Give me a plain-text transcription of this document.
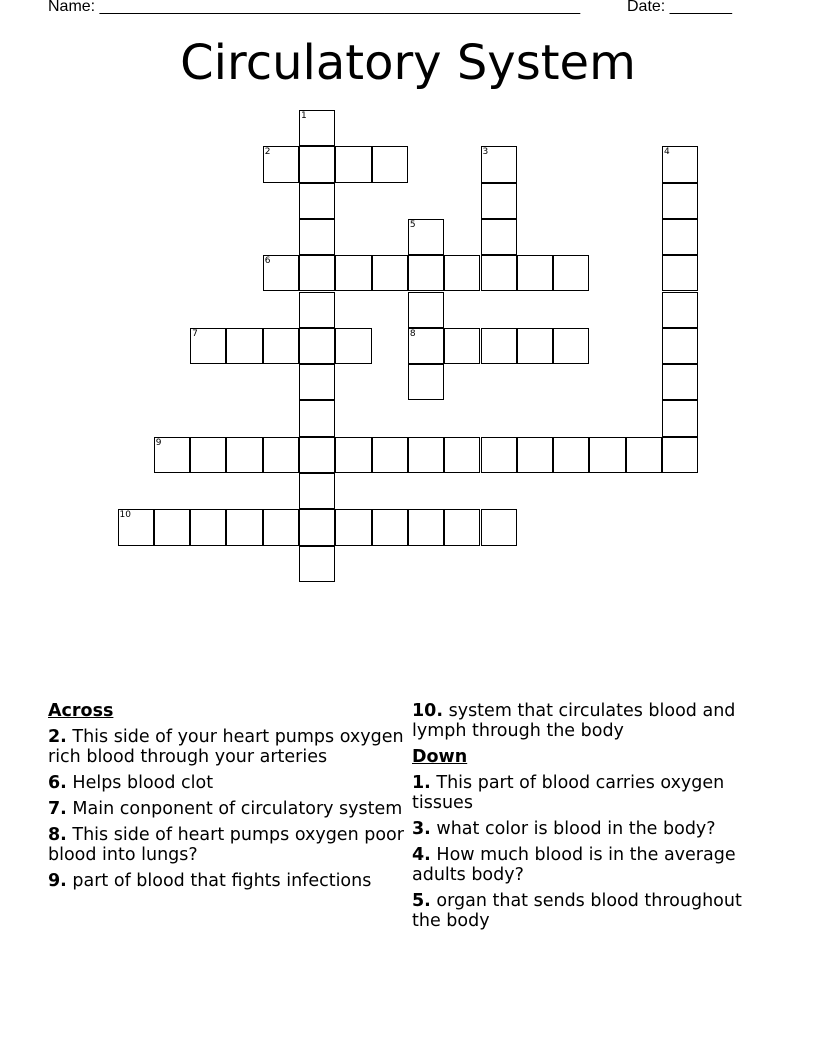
Name: ______________________________________________________	Date: _______
Circulatory System
1
2	3	4
5
8
6
7
9
10
Across
2. This side of your heart pumps oxygen rich blood through your arteries
6. Helps blood clot
7. Main conponent of circulatory system
8. This side of heart pumps oxygen poor blood into lungs?
9. part of blood that fights infections
10. system that circulates blood and lymph through the body
Down
1. This part of blood carries oxygen tissues
3. what color is blood in the body?
4. How much blood is in the average adults body?
5. organ that sends blood throughout the body
